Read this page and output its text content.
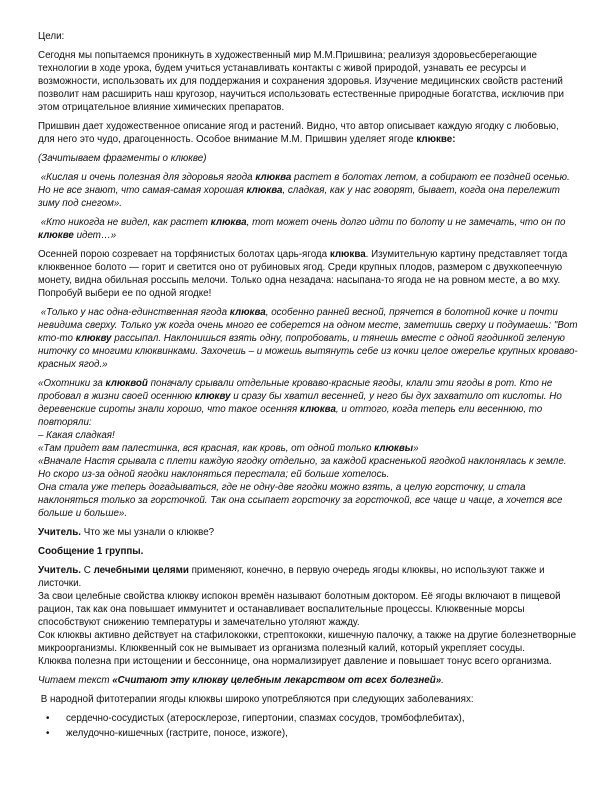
Цели:

Сегодня мы попытаемся проникнуть в художественный мир М.М.Пришвина; реализуя здоровьесберегающие технологии в ходе урока, будем учиться устанавливать контакты с живой природой, узнавать ее ресурсы и возможности, использовать их для поддержания и сохранения здоровья. Изучение медицинских свойств растений позволит нам расширить наш кругозор, научиться использовать естественные природные богатства, исключив при этом отрицательное влияние химических препаратов.

Пришвин дает художественное описание ягод и растений. Видно, что автор описывает каждую ягодку с любовью, для него это чудо, драгоценность. Особое внимание М.М. Пришвин уделяет ягоде клюкве:

(Зачитываем фрагменты о клюкве)

«Кислая и очень полезная для здоровья ягода клюква растет в болотах летом, а собирают ее поздней осенью. Но не все знают, что самая-самая хорошая клюква, сладкая, как у нас говорят, бывает, когда она перележит зиму под снегом».

«Кто никогда не видел, как растет клюква, тот может очень долго идти по болоту и не замечать, что он по клюкве идет…»

Осенней порою созревает на торфянистых болотах царь-ягода клюква. Изумительную картину представляет тогда клюквенное болото — горит и светится оно от рубиновых ягод. Среди крупных плодов, размером с двухкопеечную монету, видна обильная россыпь мелочи. Только одна незадача: насыпана-то ягода не на ровном месте, а во мху. Попробуй выбери ее по одной ягодке!

«Только у нас одна-единственная ягода клюква, особенно ранней весной, прячется в болотной кочке и почти невидима сверху. Только уж когда очень много ее соберется на одном месте, заметишь сверху и подумаешь: "Вот кто-то клюкву рассыпал. Наклонишься взять одну, попробовать, и тянешь вместе с одной ягодинкой зеленую ниточку со многими клюквинками. Захочешь – и можешь вытянуть себе из кочки целое ожерелье крупных кроваво-красных ягод.»

«Охотники за клюквой поначалу срывали отдельные кроваво-красные ягоды, клали эти ягоды в рот. Кто не пробовал в жизни своей осеннюю клюкву и сразу бы хватил весенней, у него бы дух захватило от кислоты. Но деревенские сироты знали хорошо, что такое осенняя клюква, и оттого, когда теперь ели весеннюю, то повторяли:

– Какая сладкая!

«Там придет вам палестинка, вся красная, как кровь, от одной только клюквы»

«Вначале Настя срывала с плети каждую ягодку отдельно, за каждой красненькой ягодкой наклонялась к земле. Но скоро из-за одной ягодки наклоняться перестала; ей больше хотелось.

Она стала уже теперь догадываться, где не одну-две ягодки можно взять, а целую горсточку, и стала наклоняться только за горсточкой. Так она ссыпает горсточку за горсточкой, все чаще и чаще, а хочется все больше и больше».

Учитель. Что же мы узнали о клюкве?

Сообщение 1 группы.

Учитель. С лечебными целями применяют, конечно, в первую очередь ягоды клюквы, но используют также и листочки.

За свои целебные свойства клюкву испокон времён называют болотным доктором. Её ягоды включают в пищевой рацион, так как она повышает иммунитет и останавливает воспалительные процессы. Клюквенные морсы способствуют снижению температуры и замечательно утоляют жажду.

Сок клюквы активно действует на стафилококки, стрептококки, кишечную палочку, а также на другие болезнетворные микроорганизмы. Клюквенный сок не вымывает из организма полезный калий, который укрепляет сосуды.

Клюква полезна при истощении и бессоннице, она нормализирует давление и повышает тонус всего организма.

Читаем текст «Считают эту клюкву целебным лекарством от всех болезней».

В народной фитотерапии ягоды клюквы широко употребляются при следующих заболеваниях:

• сердечно-сосудистых (атеросклерозе, гипертонии, спазмах сосудов, тромбофлебитах),
• желудочно-кишечных (гастрите, поносе, изжоге),
